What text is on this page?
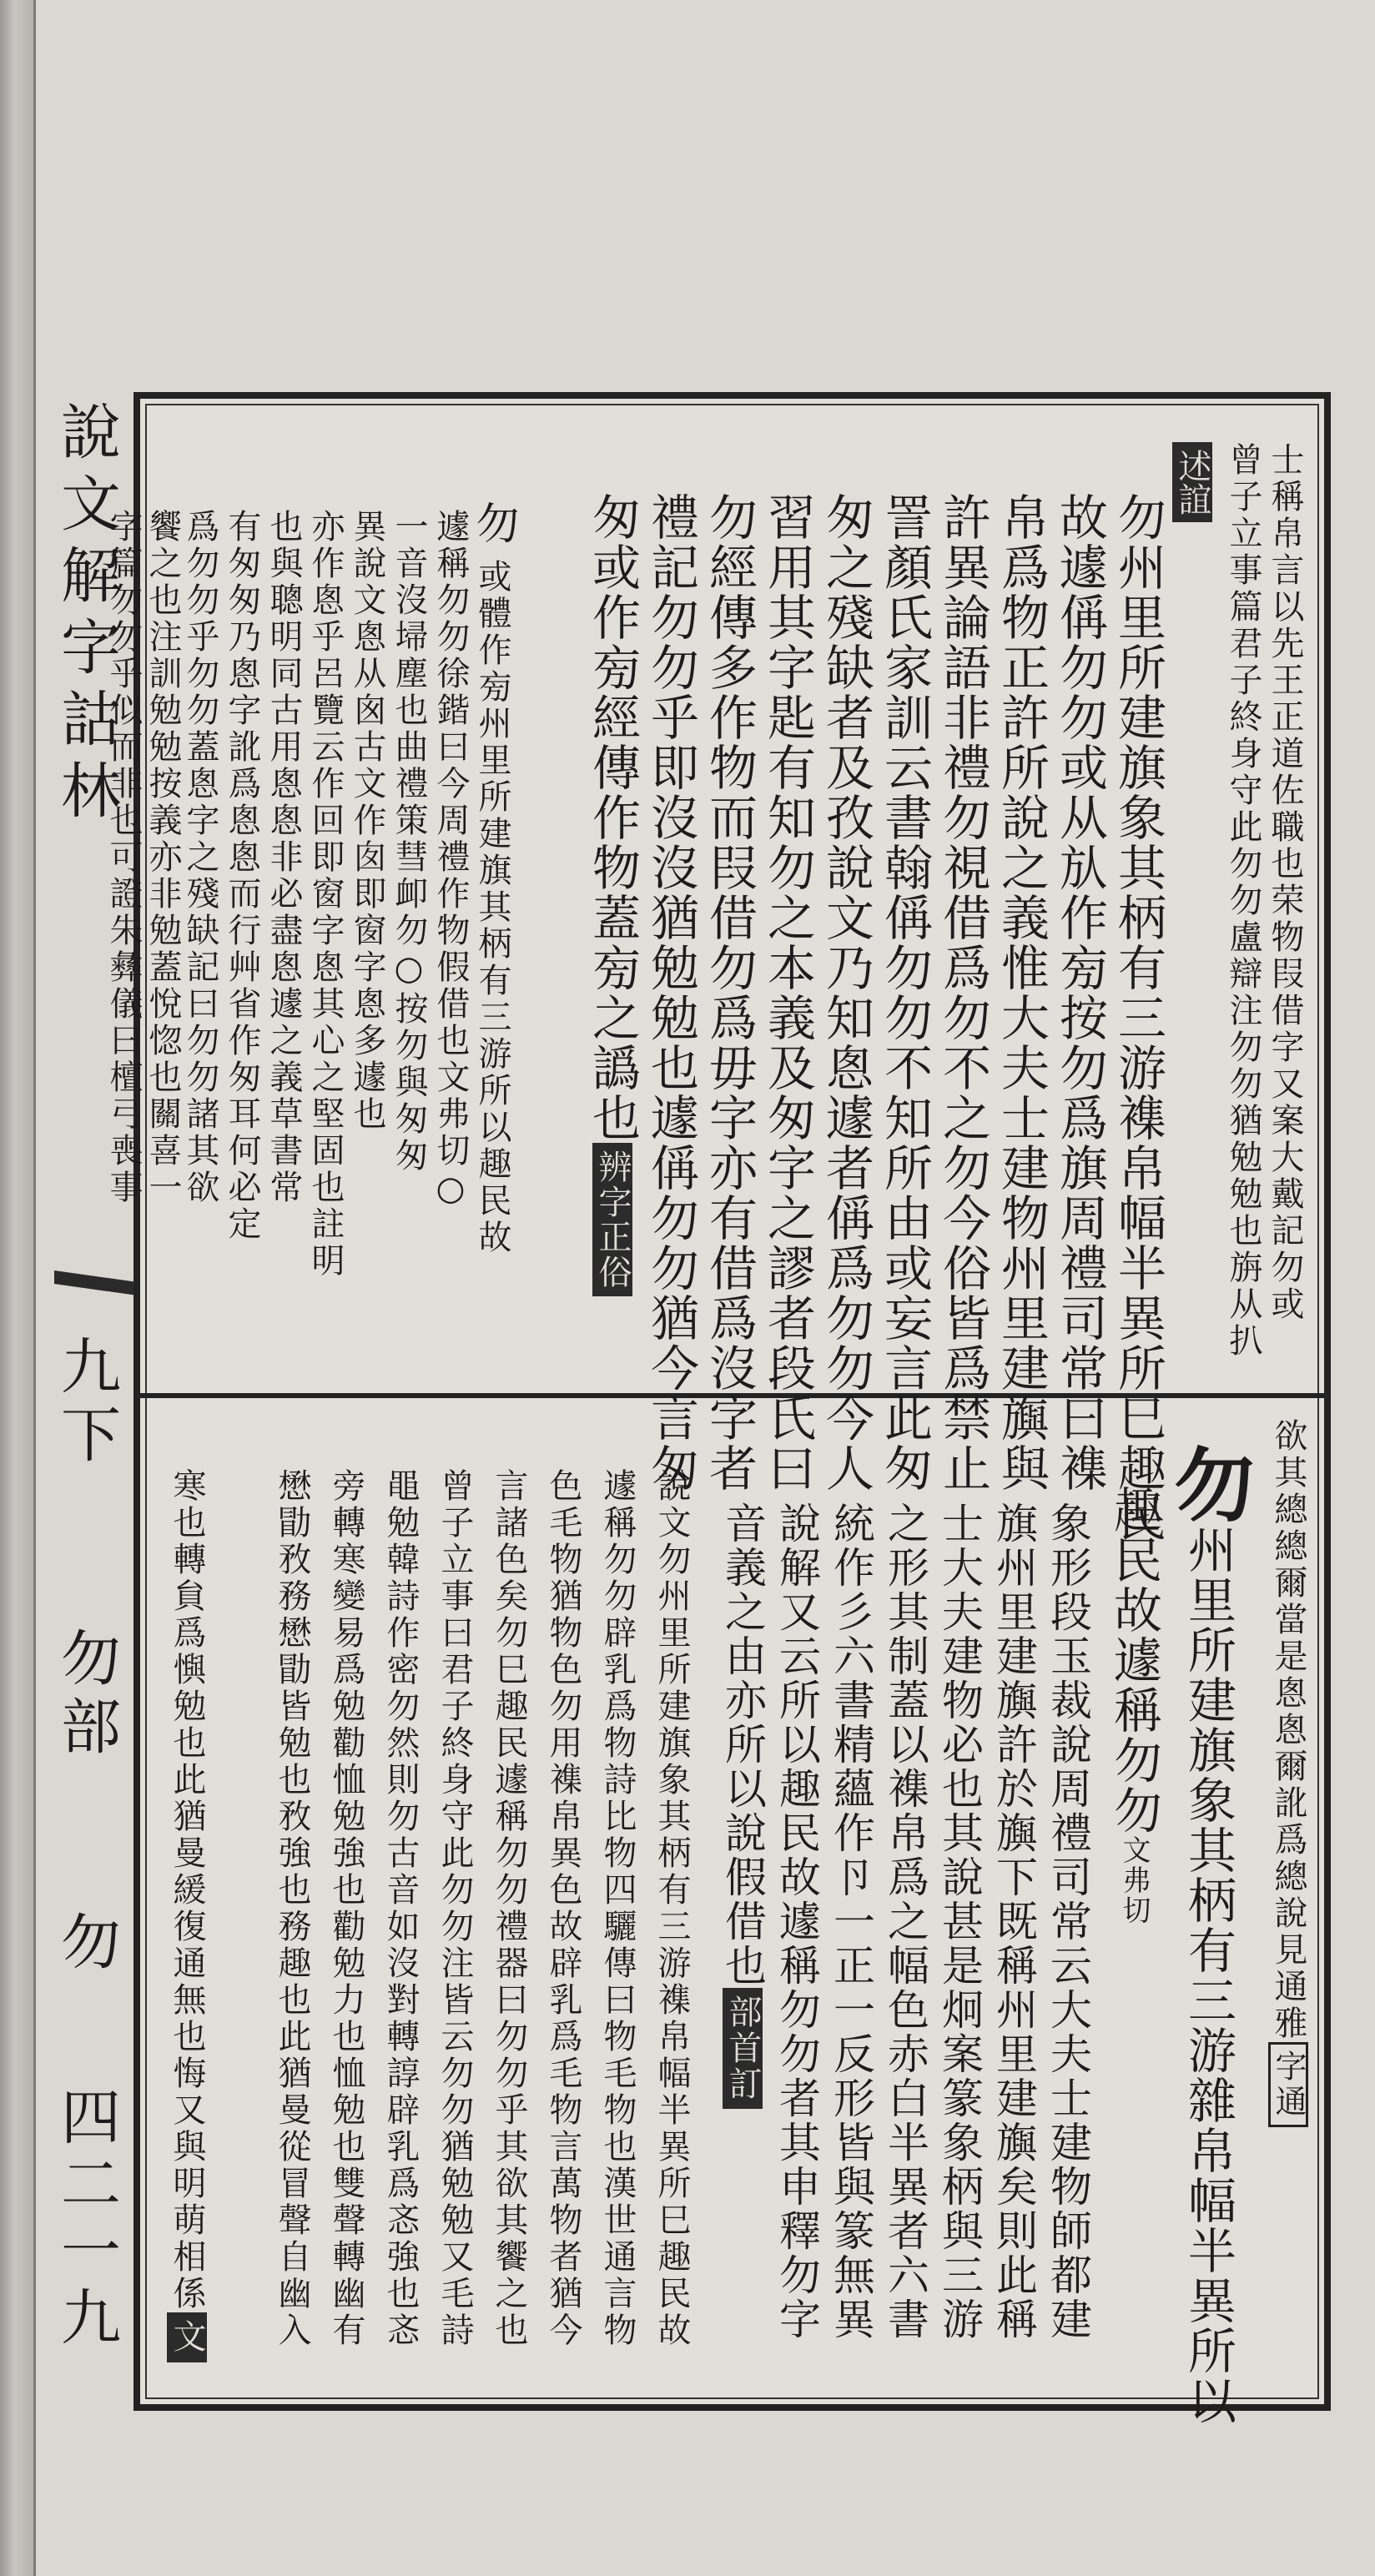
說文解字詁林
九下
勿部
勿
四二一九
士稱帛言以先王正道佐職也荣物叚借字又案大戴記勿或
曾子立事篇君子終身守此勿勿盧辯注勿勿猶勉勉也旃从扒
述誼
勿州里所建旗象其柄有三游襍帛幅半異所巳趣民
故遽偁勿勿或从㫃作㫄按勿爲旗周禮司常曰襍
帛爲物正許所說之義惟大夫士建物州里建旟與
許異論語非禮勿視借爲勿不之勿今俗皆爲禁止
詈顏氏家訓云書翰偁勿勿不知所由或妄言此匆
匆之殘缺者及孜說文乃知悤遽者偁爲勿勿今人
習用其字匙有知勿之本義及匆字之謬者段氏曰
勿經傳多作物而叚借勿爲毋字亦有借爲沒字者
禮記勿勿乎即沒沒猶勉勉也遽偁勿勿猶今言匆
匆或作㫄經傳作物蓋㫄之譌也辨字正俗
勿
或體作㫄州里所建旗其柄有三游所以趣民故
遽稱勿勿徐鍇曰今周禮作物假借也文弗切○
一音沒埽塵也曲禮策彗卹勿○按勿與匆匆
異說文悤从囪古文作囱即窗字悤多遽也
亦作悤乎呂覽云作回即窗字悤其心之堅固也註明
也與聰明同古用悤悤非必盡悤遽之義草書常
有匆匆乃悤字訛爲悤悤而行艸省作匆耳何必定
爲勿勿乎勿勿蓋悤字之殘缺記曰勿勿諸其欲
饗之也注訓勉勉按義亦非勉蓋悅惚也關喜一
字篇勿勿乎似而非也可證朱彝儀曰檀弓喪事
欲其總總爾當是悤悤爾訛爲總說見通雅字通
勿州里所建旗象其柄有三游雜帛幅半異所以
趣民故遽稱勿勿文弗切
象形段玉裁說周禮司常云大夫士建物師都建
旗州里建旟許於旟下既稱州里建旟矣則此稱
士大夫建物必也其說甚是炯案篆象柄與三游
之形其制蓋以襍帛爲之幅色赤白半異者六書
統作彡六書精蘊作卪一正一反形皆與篆無異
說解又云所以趣民故遽稱勿勿者其申釋勿字
音義之由亦所以說假借也部首訂
說文勿州里所建旗象其柄有三游襍帛幅半異所巳趣民故
遽稱勿勿辟乳爲物詩比物四驪傳曰物毛物也漢世通言物
色毛物猶物色勿用襍帛異色故辟乳爲毛物言萬物者猶今
言諸色矣勿巳趣民遽稱勿勿禮器曰勿勿乎其欲其饗之也
曾子立事曰君子終身守此勿勿注皆云勿勿猶勉勉又毛詩
黽勉韓詩作密勿然則勿古音如沒對轉諄辟乳爲忞強也忞
旁轉寒變易爲勉勸恤勉強也勸勉力也恤勉也雙聲轉幽有
懋勖敄務懋勖皆勉也敄強也務趣也此猶曼從冒聲自幽入
寒也轉貟爲懙勉也此猶曼緩復通無也悔又與明萌相係文
